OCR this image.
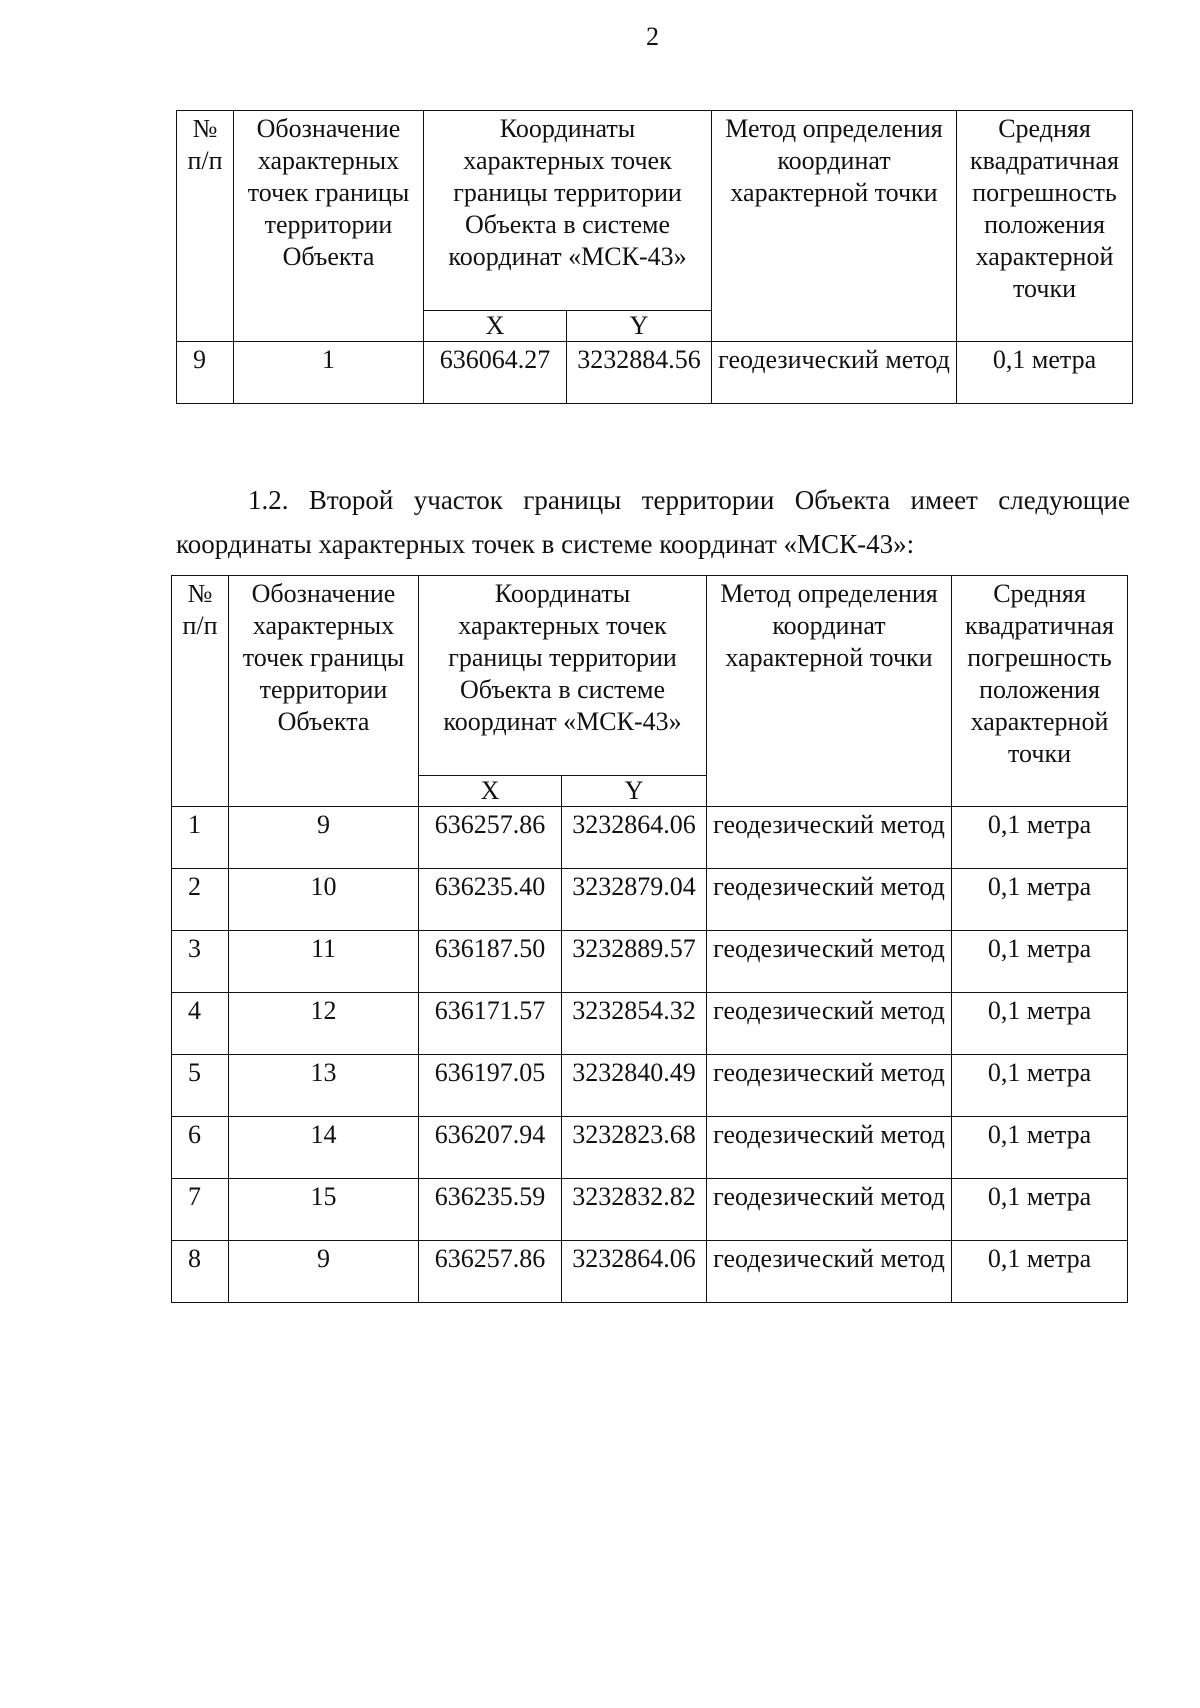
2
№ п/п	Обозначение характерных точек границы территории Объекта	Координаты характерных точек границы территории Объекта в системе координат «МСК-43»		Метод определения координат характерной точки	Средняя квадратичная погрешность положения характерной точки
		X	Y		
9	1	636064.27	3232884.56	геодезический метод	0,1 метра
1.2. Второй участок границы территории Объекта имеет следующие
координаты характерных точек в системе координат «МСК-43»:
№ п/п	Обозначение характерных точек границы территории Объекта	Координаты характерных точек границы территории Объекта в системе координат «МСК-43»		Метод определения координат характерной точки	Средняя квадратичная погрешность положения характерной точки
		X	Y		
1	9	636257.86	3232864.06	геодезический метод	0,1 метра
2	10	636235.40	3232879.04	геодезический метод	0,1 метра
3	11	636187.50	3232889.57	геодезический метод	0,1 метра
4	12	636171.57	3232854.32	геодезический метод	0,1 метра
5	13	636197.05	3232840.49	геодезический метод	0,1 метра
6	14	636207.94	3232823.68	геодезический метод	0,1 метра
7	15	636235.59	3232832.82	геодезический метод	0,1 метра
8	9	636257.86	3232864.06	геодезический метод	0,1 метра
